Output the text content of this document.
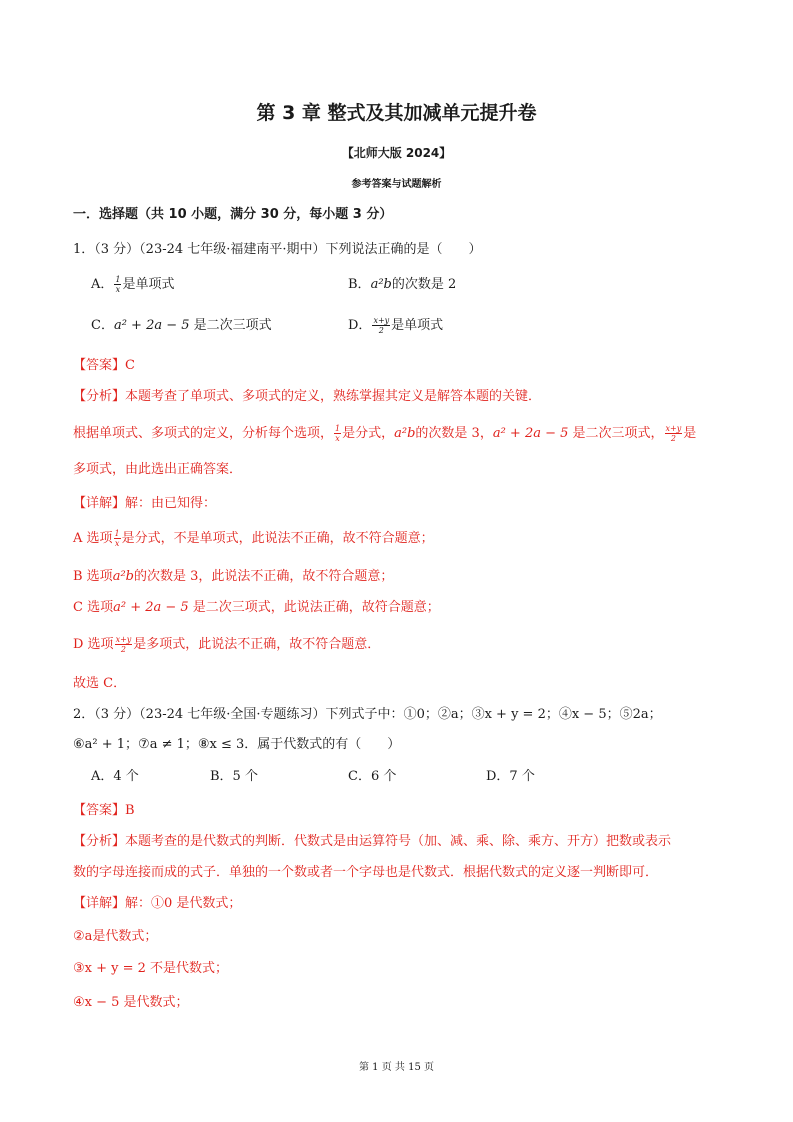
第 3 章 整式及其加减单元提升卷
【北师大版 2024】
参考答案与试题解析
一．选择题（共 10 小题，满分 30 分，每小题 3 分）
1．（3 分）（23-24 七年级·福建南平·期中）下列说法正确的是（　　）
A． $\frac{1}{x}$ 是单项式	B．a²b的次数是 2
C．a² + 2a − 5 是二次三项式	D． $\frac{x+y}{2}$ 是单项式
【答案】C
【分析】本题考查了单项式、多项式的定义，熟练掌握其定义是解答本题的关键．
根据单项式、多项式的定义，分析每个选项， $\frac{1}{x}$ 是分式，a²b的次数是 3，a² + 2a − 5 是二次三项式， $\frac{x+y}{2}$ 是
多项式，由此选出正确答案．
【详解】解：由已知得：
A 选项 $\frac{1}{x}$ 是分式，不是单项式，此说法不正确，故不符合题意；
B 选项a²b的次数是 3，此说法不正确，故不符合题意；
C 选项a² + 2a − 5 是二次三项式，此说法正确，故符合题意；
D 选项 $\frac{x+y}{2}$ 是多项式，此说法不正确，故不符合题意．
故选 C．
2．（3 分）（23-24 七年级·全国·专题练习）下列式子中：①0；②a；③x + y = 2；④x − 5；⑤2a；
⑥a² + 1；⑦a ≠ 1；⑧x ≤ 3．属于代数式的有（　　）
A．4 个	B．5 个	C．6 个	D．7 个
【答案】B
【分析】本题考查的是代数式的判断．代数式是由运算符号（加、减、乘、除、乘方、开方）把数或表示
数的字母连接而成的式子．单独的一个数或者一个字母也是代数式．根据代数式的定义逐一判断即可．
【详解】解：①0 是代数式；
②a是代数式；
③x + y = 2 不是代数式；
④x − 5 是代数式；
第 1 页 共 15 页
